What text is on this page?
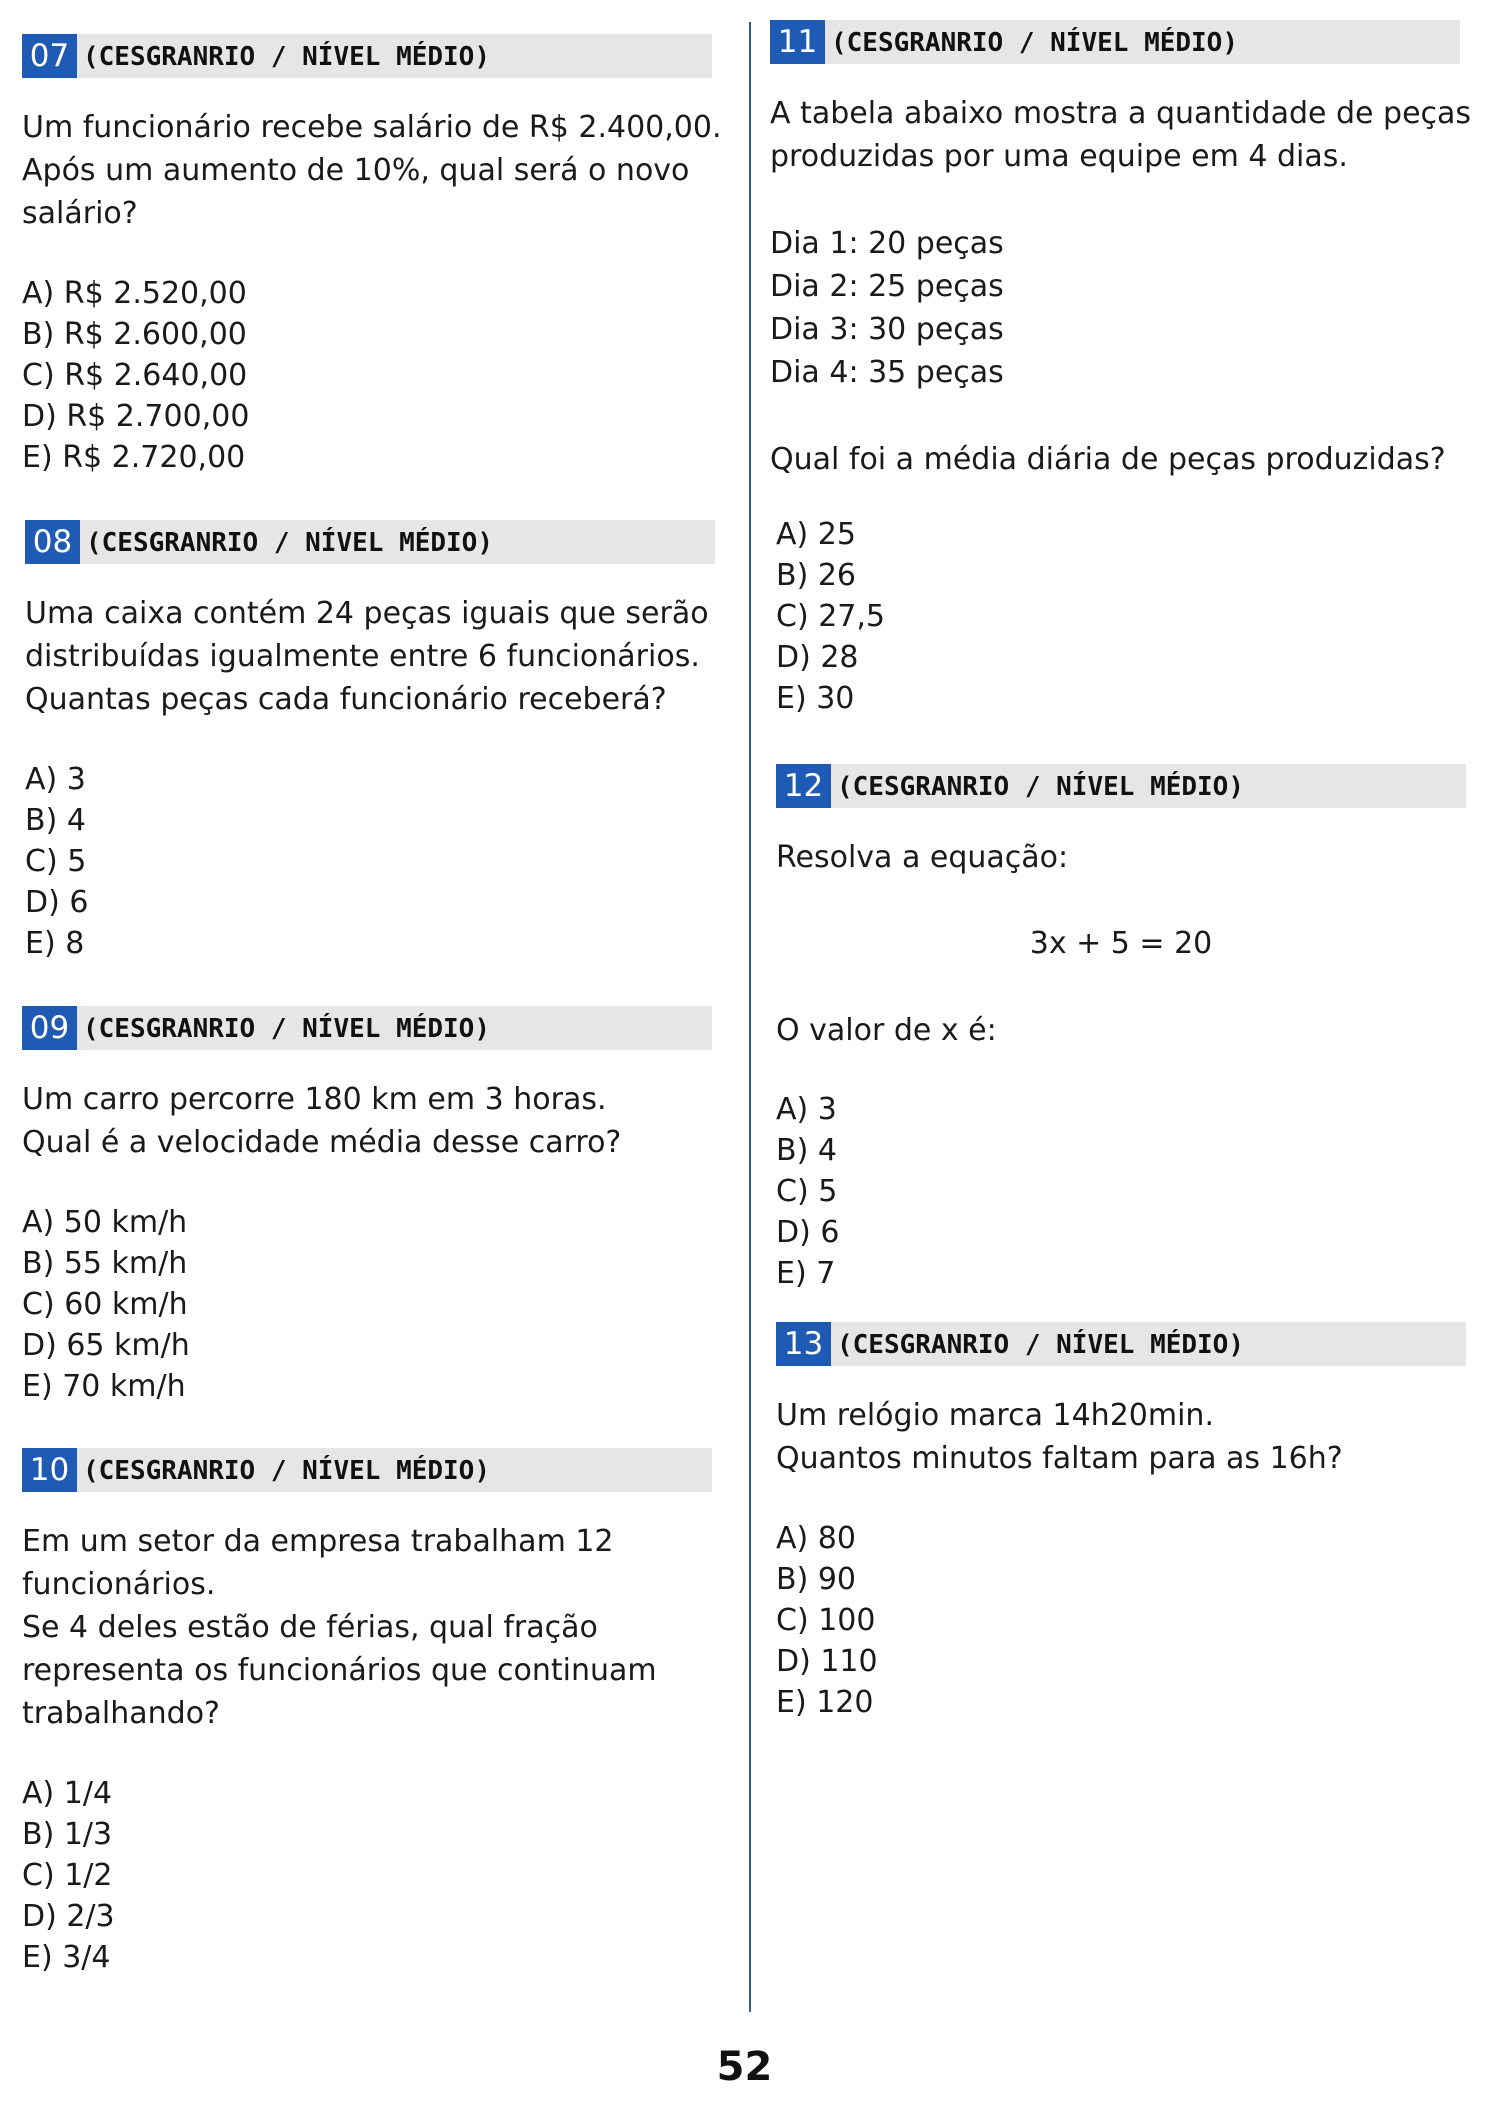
07 (CESGRANRIO / NÍVEL MÉDIO)
Um funcionário recebe salário de R$ 2.400,00.
Após um aumento de 10%, qual será o novo
salário?
A) R$ 2.520,00
B) R$ 2.600,00
C) R$ 2.640,00
D) R$ 2.700,00
E) R$ 2.720,00
08 (CESGRANRIO / NÍVEL MÉDIO)
Uma caixa contém 24 peças iguais que serão
distribuídas igualmente entre 6 funcionários.
Quantas peças cada funcionário receberá?
A) 3
B) 4
C) 5
D) 6
E) 8
09 (CESGRANRIO / NÍVEL MÉDIO)
Um carro percorre 180 km em 3 horas.
Qual é a velocidade média desse carro?
A) 50 km/h
B) 55 km/h
C) 60 km/h
D) 65 km/h
E) 70 km/h
10 (CESGRANRIO / NÍVEL MÉDIO)
Em um setor da empresa trabalham 12
funcionários.
Se 4 deles estão de férias, qual fração
representa os funcionários que continuam
trabalhando?
A) 1/4
B) 1/3
C) 1/2
D) 2/3
E) 3/4
11 (CESGRANRIO / NÍVEL MÉDIO)
A tabela abaixo mostra a quantidade de peças
produzidas por uma equipe em 4 dias.
Dia 1: 20 peças
Dia 2: 25 peças
Dia 3: 30 peças
Dia 4: 35 peças
Qual foi a média diária de peças produzidas?
A) 25
B) 26
C) 27,5
D) 28
E) 30
12 (CESGRANRIO / NÍVEL MÉDIO)
Resolva a equação:
3x + 5 = 20
O valor de x é:
A) 3
B) 4
C) 5
D) 6
E) 7
13 (CESGRANRIO / NÍVEL MÉDIO)
Um relógio marca 14h20min.
Quantos minutos faltam para as 16h?
A) 80
B) 90
C) 100
D) 110
E) 120
52
